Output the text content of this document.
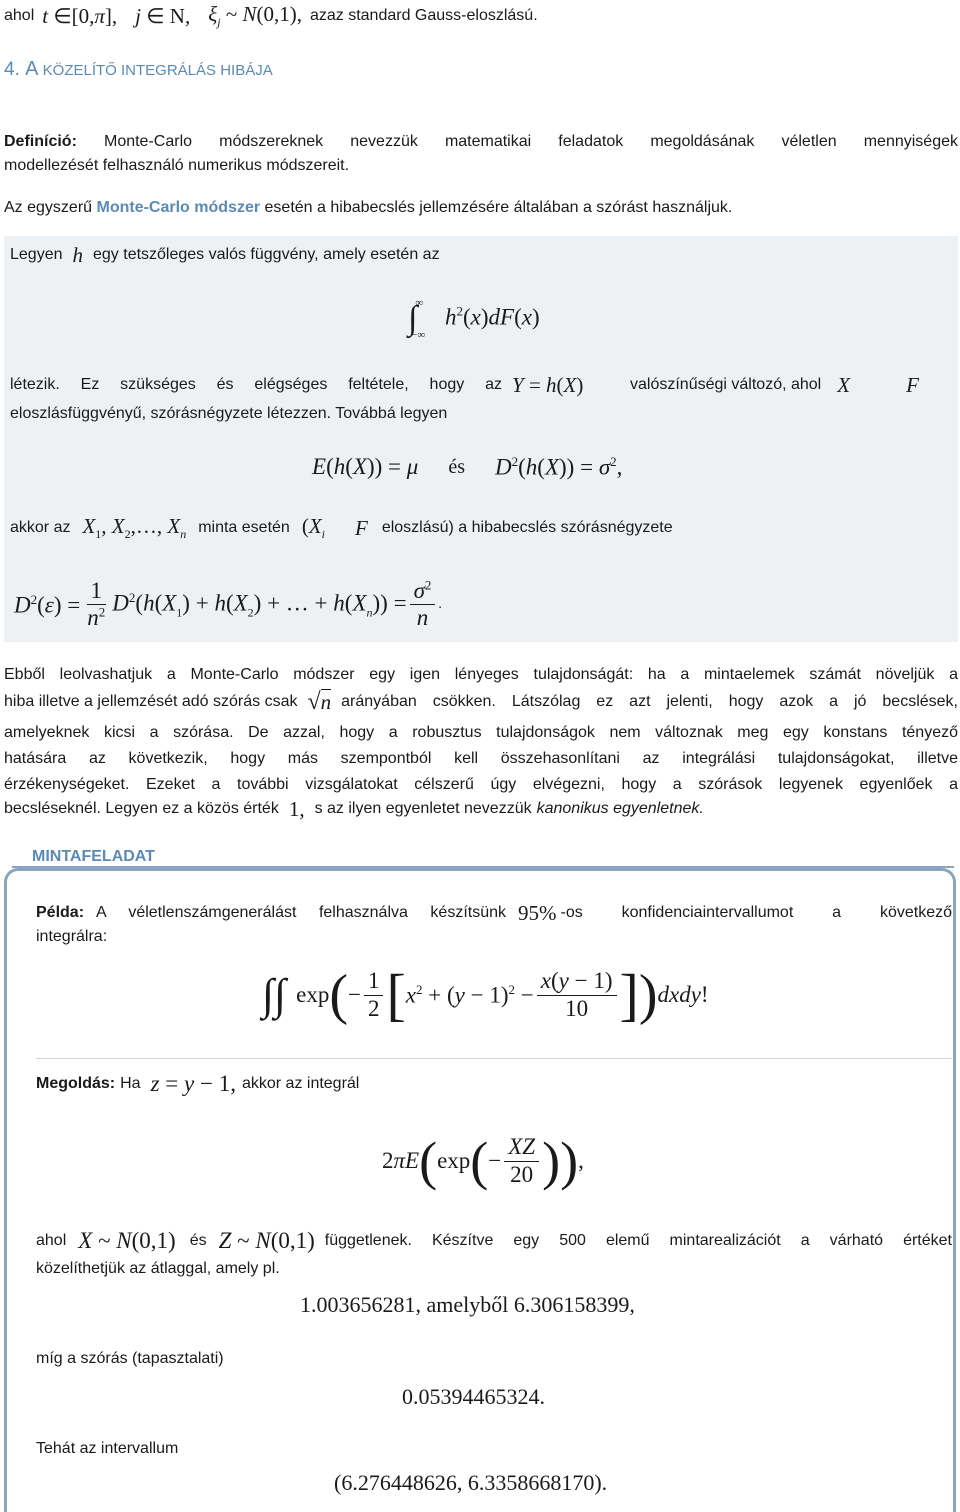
ahol t ∈[0,π], j ∈ N, $\xi_j$ ~ N(0,1), azaz standard Gauss-eloszlású.
4. A KÖZELÍTŐ INTEGRÁLÁS HIBÁJA
Definíció: Monte-Carlo módszereknek nevezzük matematikai feladatok megoldásának véletlen mennyiségek
modellezését felhasználó numerikus módszereit.
Az egyszerű Monte-Carlo módszer esetén a hibabecslés jellemzésére általában a szórást használjuk.
Legyen h egy tetszőleges valós függvény, amely esetén az
$\int^\infty_{-\infty}$ $h^2(x)dF(x)$
létezik. Ez szükséges és elégséges feltétele, hogy az Y = h(X)	valószínűségi változó, ahol X	F
eloszlásfüggvényű, szórásnégyzete létezzen. Továbbá legyen
E(h(X)) = μ és $D^2(h(X)) = \sigma^2$,
akkor az $X_1$, $X_2,\dots$, $X_n$ minta esetén ($X_i$ F eloszlású) a hibabecslés szórásnégyzete
$D^2(\varepsilon) = \frac{1}{n^2} D^2(h(X_1) + h(X_2)$ + … + $h(X_n)) = \frac{\sigma^2}{n}$ .
Ebből leolvashatjuk a Monte-Carlo módszer egy igen lényeges tulajdonságát: ha a mintaelemek számát növeljük a
hiba illetve a jellemzését adó szórás csak √n arányában csökken. Látszólag ez azt jelenti, hogy azok a jó becslések,
amelyeknek kicsi a szórása. De azzal, hogy a robusztus tulajdonságok nem változnak meg egy konstans tényező
hatására az következik, hogy más szempontból kell összehasonlítani az integrálási tulajdonságokat, illetve
érzékenységeket. Ezeket a további vizsgálatokat célszerű úgy elvégezni, hogy a szórások legyenek egyenlőek a
becsléseknél. Legyen ez a közös érték 1, s az ilyen egyenletet nevezzük kanonikus egyenletnek.
MINTAFELADAT
Példa: A véletlenszámgenerálást felhasználva készítsünk 95% -os konfidenciaintervallumot a következő
integrálra:
∫∫ exp ( − $\frac{1}{2}$ [ $x^2 + (y - 1)^2 - \frac{x(y - 1)}{10}$ ] ) dxdy!
Megoldás: Ha z = y − 1, akkor az integrál
2πE ( exp ( − $\frac{XZ}{20}$ ) ) ,
ahol X ~ N(0,1) és Z ~ N(0,1) függetlenek. Készítve egy 500 elemű mintarealizációt a várható értéket
közelíthetjük az átlaggal, amely pl.
1.003656281, amelyből 6.306158399,
míg a szórás (tapasztalati)
0.05394465324.
Tehát az intervallum
(6.276448626, 6.3358668170).
